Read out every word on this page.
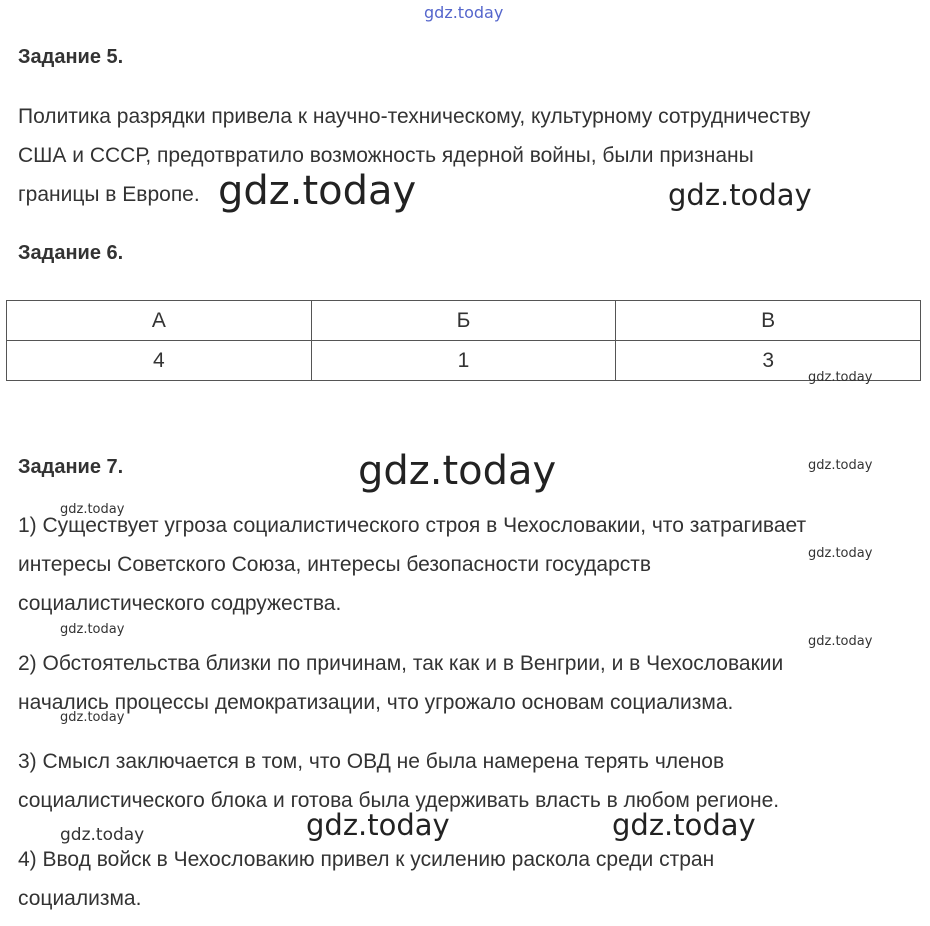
gdz.today
Задание 5.
Политика разрядки привела к научно-техническому, культурному сотрудничеству
США и СССР, предотвратило возможность ядерной войны, были признаны
границы в Европе. gdz.today	gdz.today
Задание 6.
А	Б	В
4	1	3
gdz.today
Задание 7.	gdz.today	gdz.today
gdz.today
1) Существует угроза социалистического строя в Чехословакии, что затрагивает
интересы Советского Союза, интересы безопасности государств
социалистического содружества.
gdz.today
gdz.today
gdz.today
2) Обстоятельства близки по причинам, так как и в Венгрии, и в Чехословакии
начались процессы демократизации, что угрожало основам социализма.
gdz.today
3) Смысл заключается в том, что ОВД не была намерена терять членов
социалистического блока и готова была удерживать власть в любом регионе.
gdz.today	gdz.today
gdz.today
4) Ввод войск в Чехословакию привел к усилению раскола среди стран
социализма.
